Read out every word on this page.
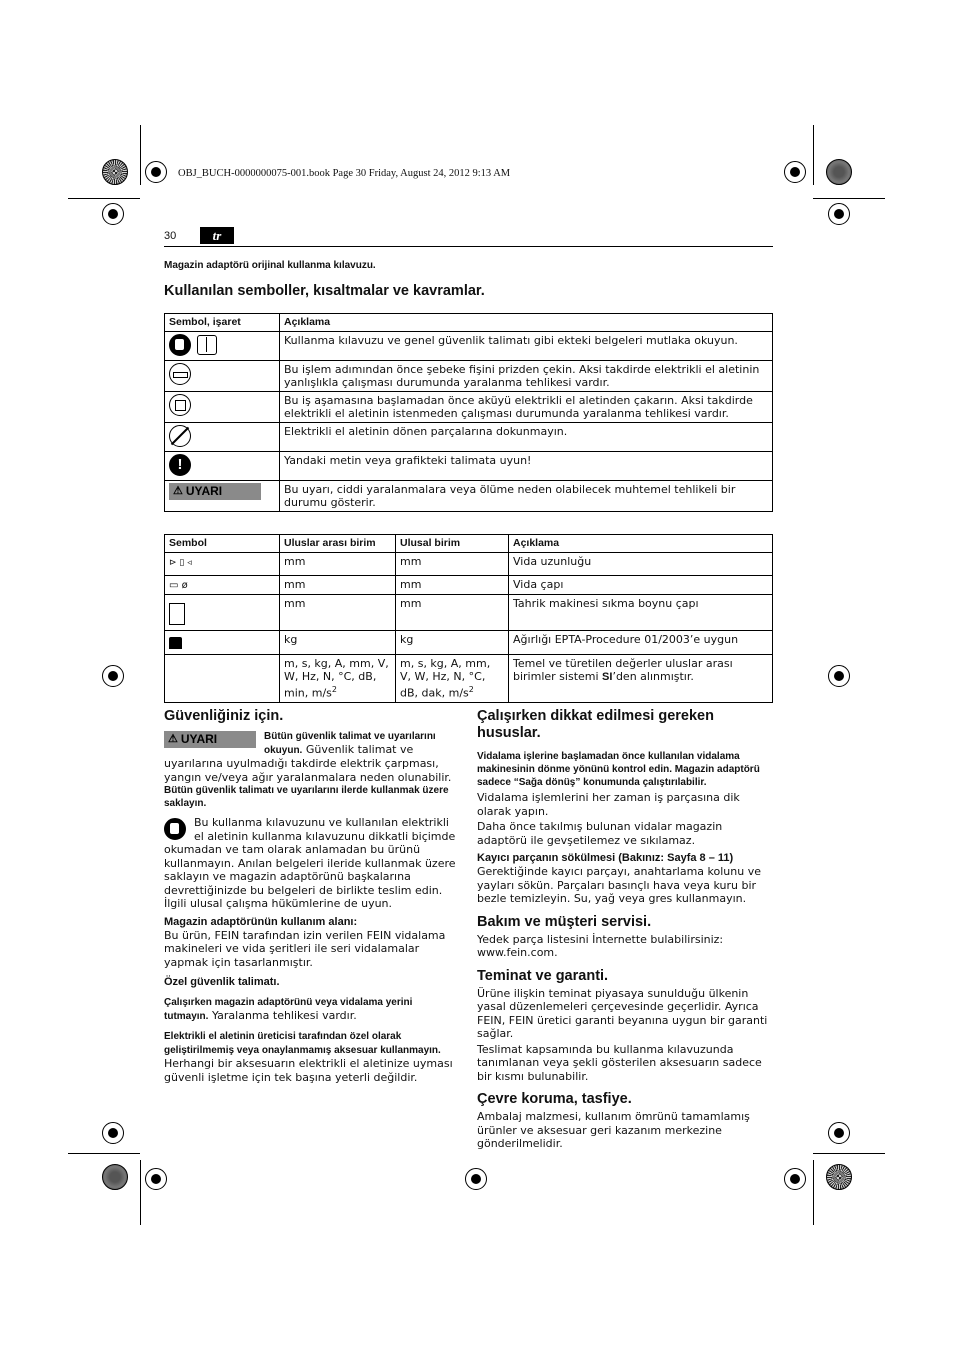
OBJ_BUCH-0000000075-001.book Page 30 Friday, August 24, 2012 9:13 AM
30	tr
Magazin adaptörü orijinal kullanma kılavuzu.
Kullanılan semboller, kısaltmalar ve kavramlar.
Sembol, işaret	Açıklama

	Kullanma kılavuzu ve genel güvenlik talimatı gibi ekteki belgeleri mutlaka okuyun.

	Bu işlem adımından önce şebeke fişini prizden çekin. Aksi takdirde elektrikli el aletinin yanlışlıkla çalışması durumunda yaralanma tehlikesi vardır.

	Bu iş aşamasına başlamadan önce aküyü elektrikli el aletinden çakarın. Aksi takdirde elektrikli el aletinin istenmeden çalışması durumunda yaralanma tehlikesi vardır.

	Elektrikli el aletinin dönen parçalarına dokunmayın.
!	Yandaki metin veya grafikteki talimata uyun!

⚠ UYARI	Bu uyarı, ciddi yaralanmalara veya ölüme neden olabilecek muhtemel tehlikeli bir durumu gösterir.
Sembol	Uluslar arası birim	Ulusal birim	Açıklama
⊳ ▯ ◃	mm	mm	Vida uzunluğu
▭ ø	mm	mm	Vida çapı
	mm	mm	Tahrik makinesi sıkma boynu çapı
	kg	kg	Ağırlığı EPTA-Procedure 01/2003’e uygun
	m, s, kg, A, mm, V, W, Hz, N, °C, dB, min, $m/s^2$	m, s, kg, A, mm, V, W, Hz, N, °C, dB, dak, $m/s^2$	Temel ve türetilen değerler uluslar arası birimler sistemi SI’den alınmıştır.
Güvenliğiniz için.
⚠ UYARI	Bütün güvenlik talimat ve uyarılarını okuyun. Güvenlik talimat ve uyarılarına uyulmadığı takdirde elektrik çarpması, yangın ve/veya ağır yaralanmalara neden olunabilir.
Bütün güvenlik talimatı ve uyarılarını ilerde kullanmak üzere saklayın.
Bu kullanma kılavuzunu ve kullanılan elektrikli el aletinin kullanma kılavuzunu dikkatli biçimde okumadan ve tam olarak anlamadan bu ürünü kullanmayın. Anılan belgeleri ileride kullanmak üzere saklayın ve magazin adaptörünü başkalarına devrettiğinizde bu belgeleri de birlikte teslim edin.
İlgili ulusal çalışma hükümlerine de uyun.
Magazin adaptörünün kullanım alanı:
Bu ürün, FEIN tarafından izin verilen FEIN vidalama makineleri ve vida şeritleri ile seri vidalamalar yapmak için tasarlanmıştır.
Özel güvenlik talimatı.
Çalışırken magazin adaptörünü veya vidalama yerini tutmayın. Yaralanma tehlikesi vardır.
Elektrikli el aletinin üreticisi tarafından özel olarak geliştirilmemiş veya onaylanmamış aksesuar kullanmayın. Herhangi bir aksesuarın elektrikli el aletinize uyması güvenli işletme için tek başına yeterli değildir.
Çalışırken dikkat edilmesi gereken hususlar.
Vidalama işlerine başlamadan önce kullanılan vidalama makinesinin dönme yönünü kontrol edin. Magazin adaptörü sadece “Sağa dönüş” konumunda çalıştırılabilir.
Vidalama işlemlerini her zaman iş parçasına dik olarak yapın.
Daha önce takılmış bulunan vidalar magazin adaptörü ile gevşetilemez ve sıkılamaz.
Kayıcı parçanın sökülmesi (Bakınız: Sayfa 8 – 11)
Gerektiğinde kayıcı parçayı, anahtarlama kolunu ve yayları sökün. Parçaları basınçlı hava veya kuru bir bezle temizleyin. Su, yağ veya gres kullanmayın.
Bakım ve müşteri servisi.
Yedek parça listesini İnternette bulabilirsiniz: www.fein.com.
Teminat ve garanti.
Ürüne ilişkin teminat piyasaya sunulduğu ülkenin yasal düzenlemeleri çerçevesinde geçerlidir. Ayrıca FEIN, FEIN üretici garanti beyanına uygun bir garanti sağlar.
Teslimat kapsamında bu kullanma kılavuzunda tanımlanan veya şekli gösterilen aksesuarın sadece bir kısmı bulunabilir.
Çevre koruma, tasfiye.
Ambalaj malzmesi, kullanım ömrünü tamamlamış ürünler ve aksesuar geri kazanım merkezine gönderilmelidir.
